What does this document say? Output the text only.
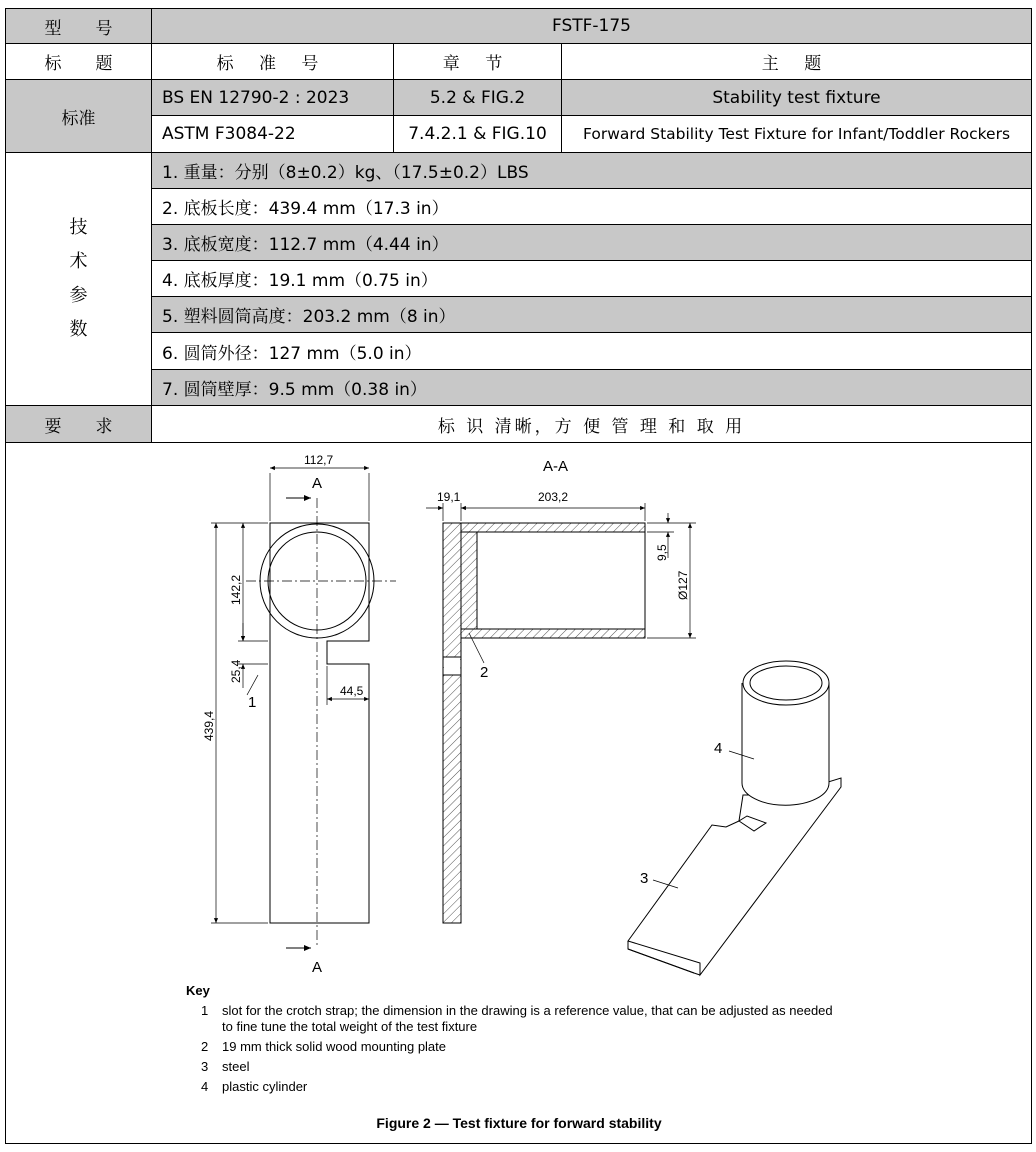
型　　号	FSTF-175
标　　题	标 准 号	章 节	主 题
标准
BS EN 12790-2 : 2023	5.2 & FIG.2	Stability test fixture
ASTM F3084-22	7.4.2.1 & FIG.10	Forward Stability Test Fixture for Infant/Toddler Rockers
技
术
参
数
1. 重量：分别（8±0.2）kg、（17.5±0.2）LBS
2. 底板长度：439.4 mm（17.3 in）
3. 底板宽度：112.7 mm（4.44 in）
4. 底板厚度：19.1 mm（0.75 in）
5. 塑料圆筒高度：203.2 mm（8 in）
6. 圆筒外径：127 mm（5.0 in）
7. 圆筒壁厚：9.5 mm（0.38 in）
要　　求	标 识 清晰，方 便 管 理 和 取 用
112,7
A
A
142,2
25,4
439,4
44,5
1
A-A
19,1	203,2
9,5
Ø127
2
4
3
Key
1 slot for the crotch strap; the dimension in the drawing is a reference value, that can be adjusted as needed
to fine tune the total weight of the test fixture
2 19 mm thick solid wood mounting plate
3 steel
4 plastic cylinder
Figure 2 — Test fixture for forward stability
